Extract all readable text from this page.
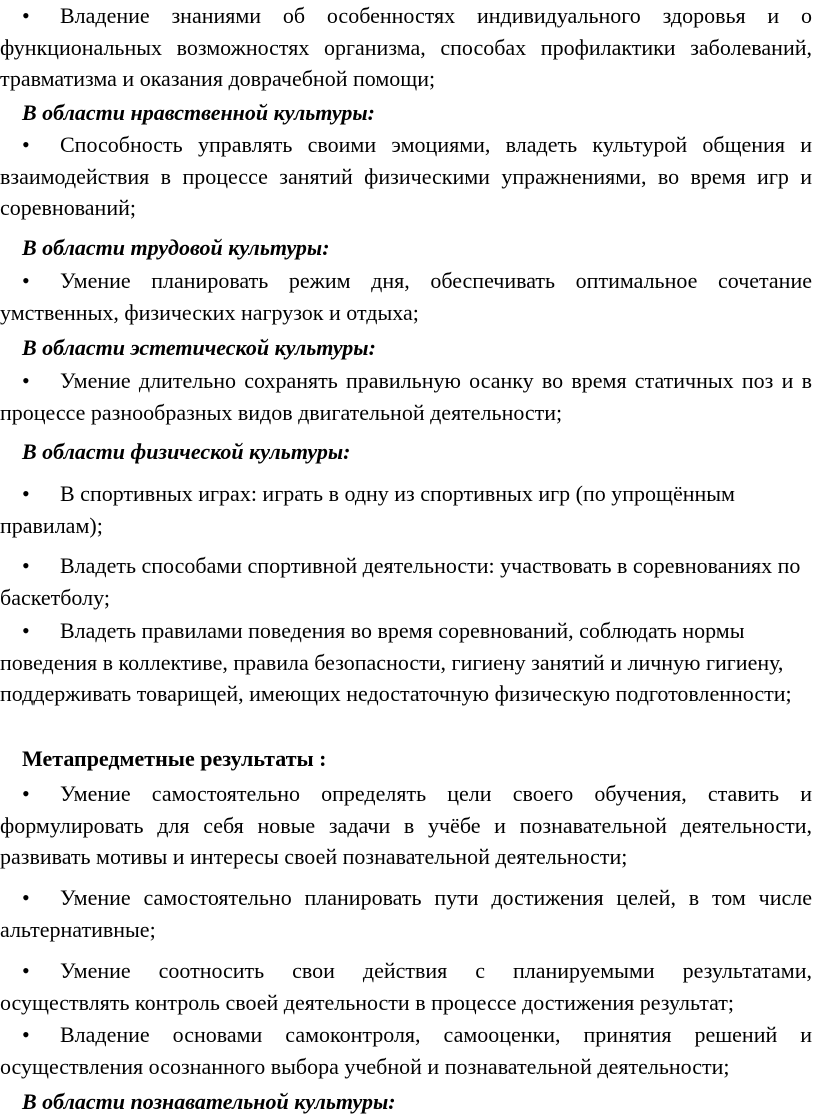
• Владение знаниями об особенностях индивидуального здоровья и о функциональных возможностях организма, способах профилактики заболеваний, травматизма и оказания доврачебной помощи;

В области нравственной культуры:

• Способность управлять своими эмоциями, владеть культурой общения и взаимодействия в процессе занятий физическими упражнениями, во время игр и соревнований;

В области трудовой культуры:

• Умение планировать режим дня, обеспечивать оптимальное сочетание умственных, физических нагрузок и отдыха;

В области эстетической культуры:

• Умение длительно сохранять правильную осанку во время статичных поз и в процессе разнообразных видов двигательной деятельности;

В области физической культуры:

• В спортивных играх: играть в одну из спортивных игр (по упрощённым правилам);

• Владеть способами спортивной деятельности: участвовать в соревнованиях по баскетболу;

• Владеть правилами поведения во время соревнований, соблюдать нормы поведения в коллективе, правила безопасности, гигиену занятий и личную гигиену, поддерживать товарищей, имеющих недостаточную физическую подготовленности;

Метапредметные результаты :

• Умение самостоятельно определять цели своего обучения, ставить и формулировать для себя новые задачи в учёбе и познавательной деятельности, развивать мотивы и интересы своей познавательной деятельности;

• Умение самостоятельно планировать пути достижения целей, в том числе альтернативные;

• Умение соотносить свои действия с планируемыми результатами, осуществлять контроль своей деятельности в процессе достижения результат;

• Владение основами самоконтроля, самооценки, принятия решений и осуществления осознанного выбора учебной и познавательной деятельности;

В области познавательной культуры:
